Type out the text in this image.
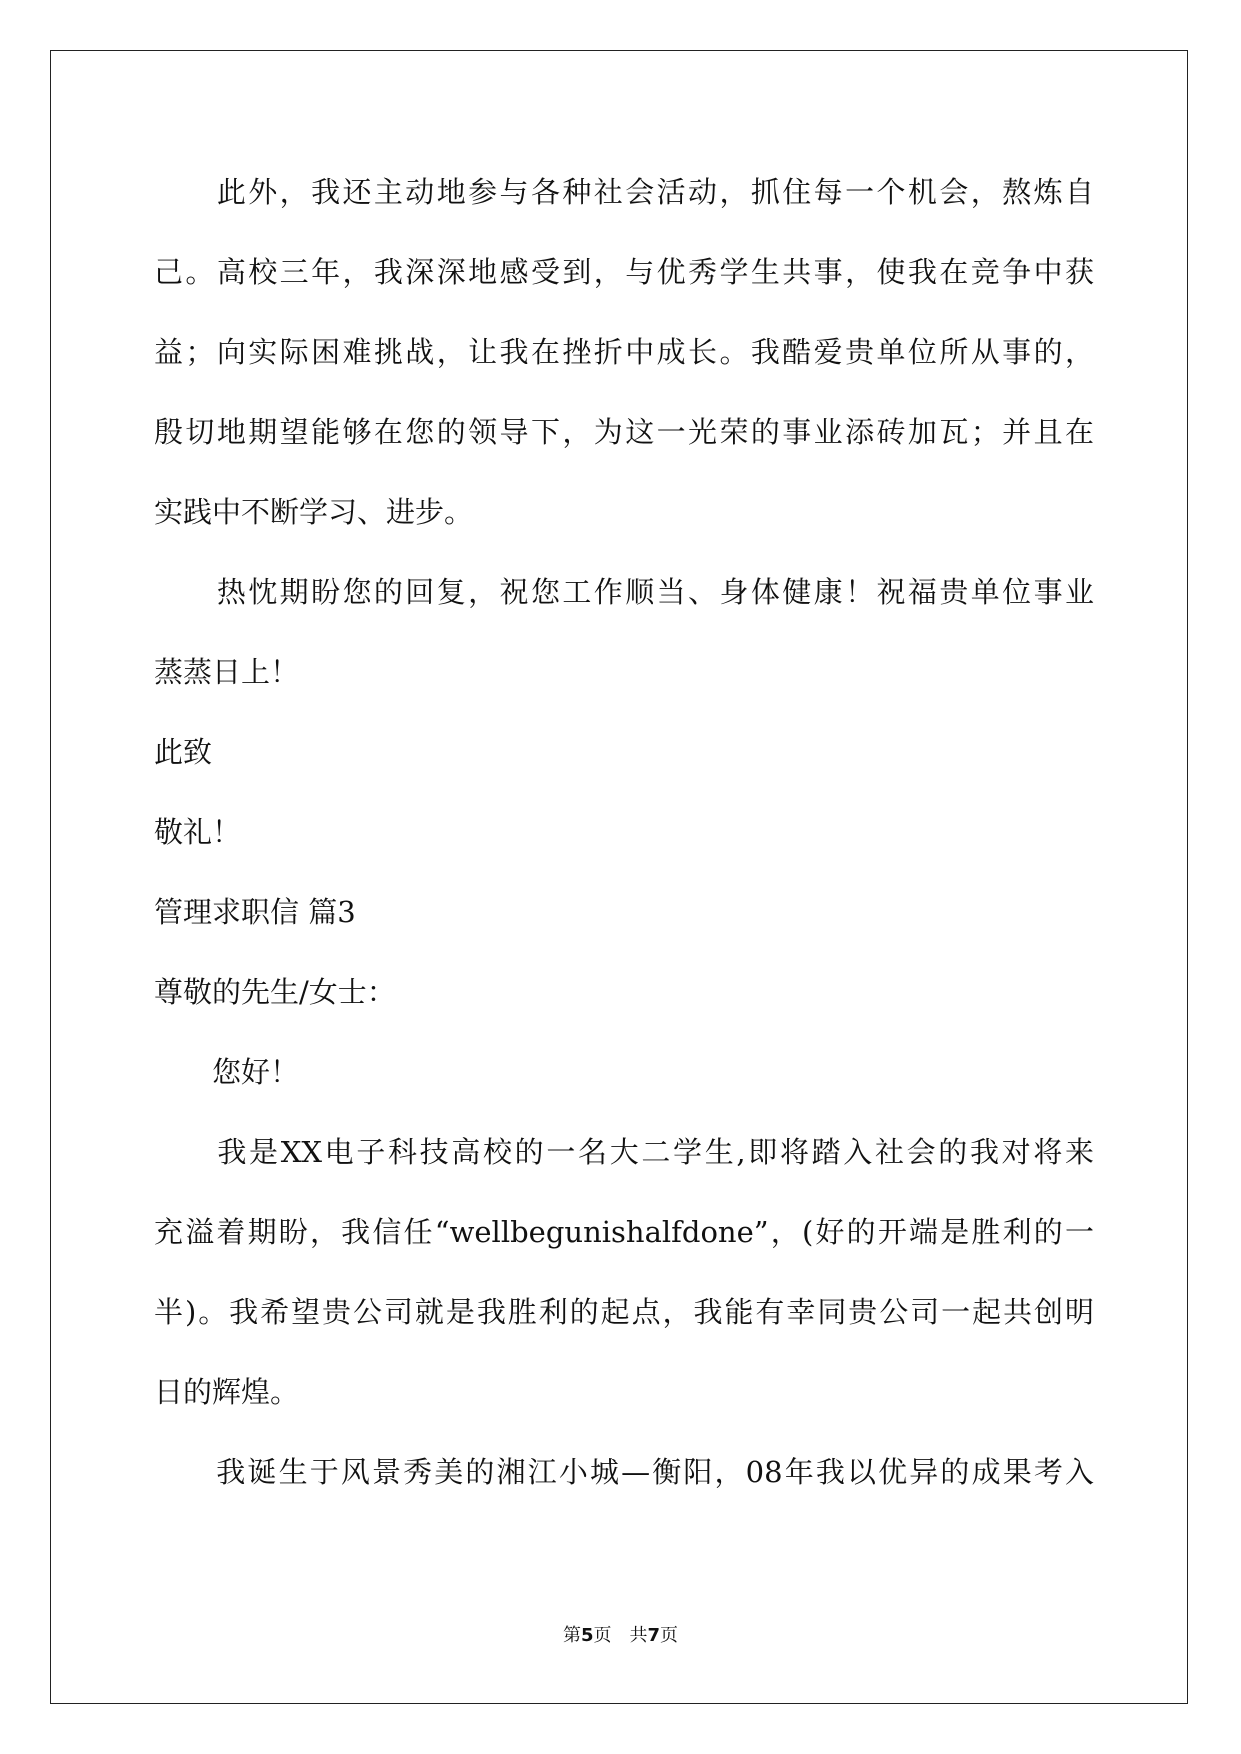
　　此外，我还主动地参与各种社会活动，抓住每一个机会，熬炼自
己。高校三年，我深深地感受到，与优秀学生共事，使我在竞争中获
益；向实际困难挑战，让我在挫折中成长。我酷爱贵单位所从事的，
殷切地期望能够在您的领导下，为这一光荣的事业添砖加瓦；并且在
实践中不断学习、进步。
　　热忱期盼您的回复，祝您工作顺当、身体健康！祝福贵单位事业
蒸蒸日上！
此致
敬礼！
管理求职信 篇3
尊敬的先生/女士：
　　您好！
　　我是XX电子科技高校的一名大二学生,即将踏入社会的我对将来
充溢着期盼，我信任“wellbegunishalfdone”，(好的开端是胜利的一
半)。我希望贵公司就是我胜利的起点，我能有幸同贵公司一起共创明
日的辉煌。
　　我诞生于风景秀美的湘江小城—衡阳，08年我以优异的成果考入
第5页　共7页
